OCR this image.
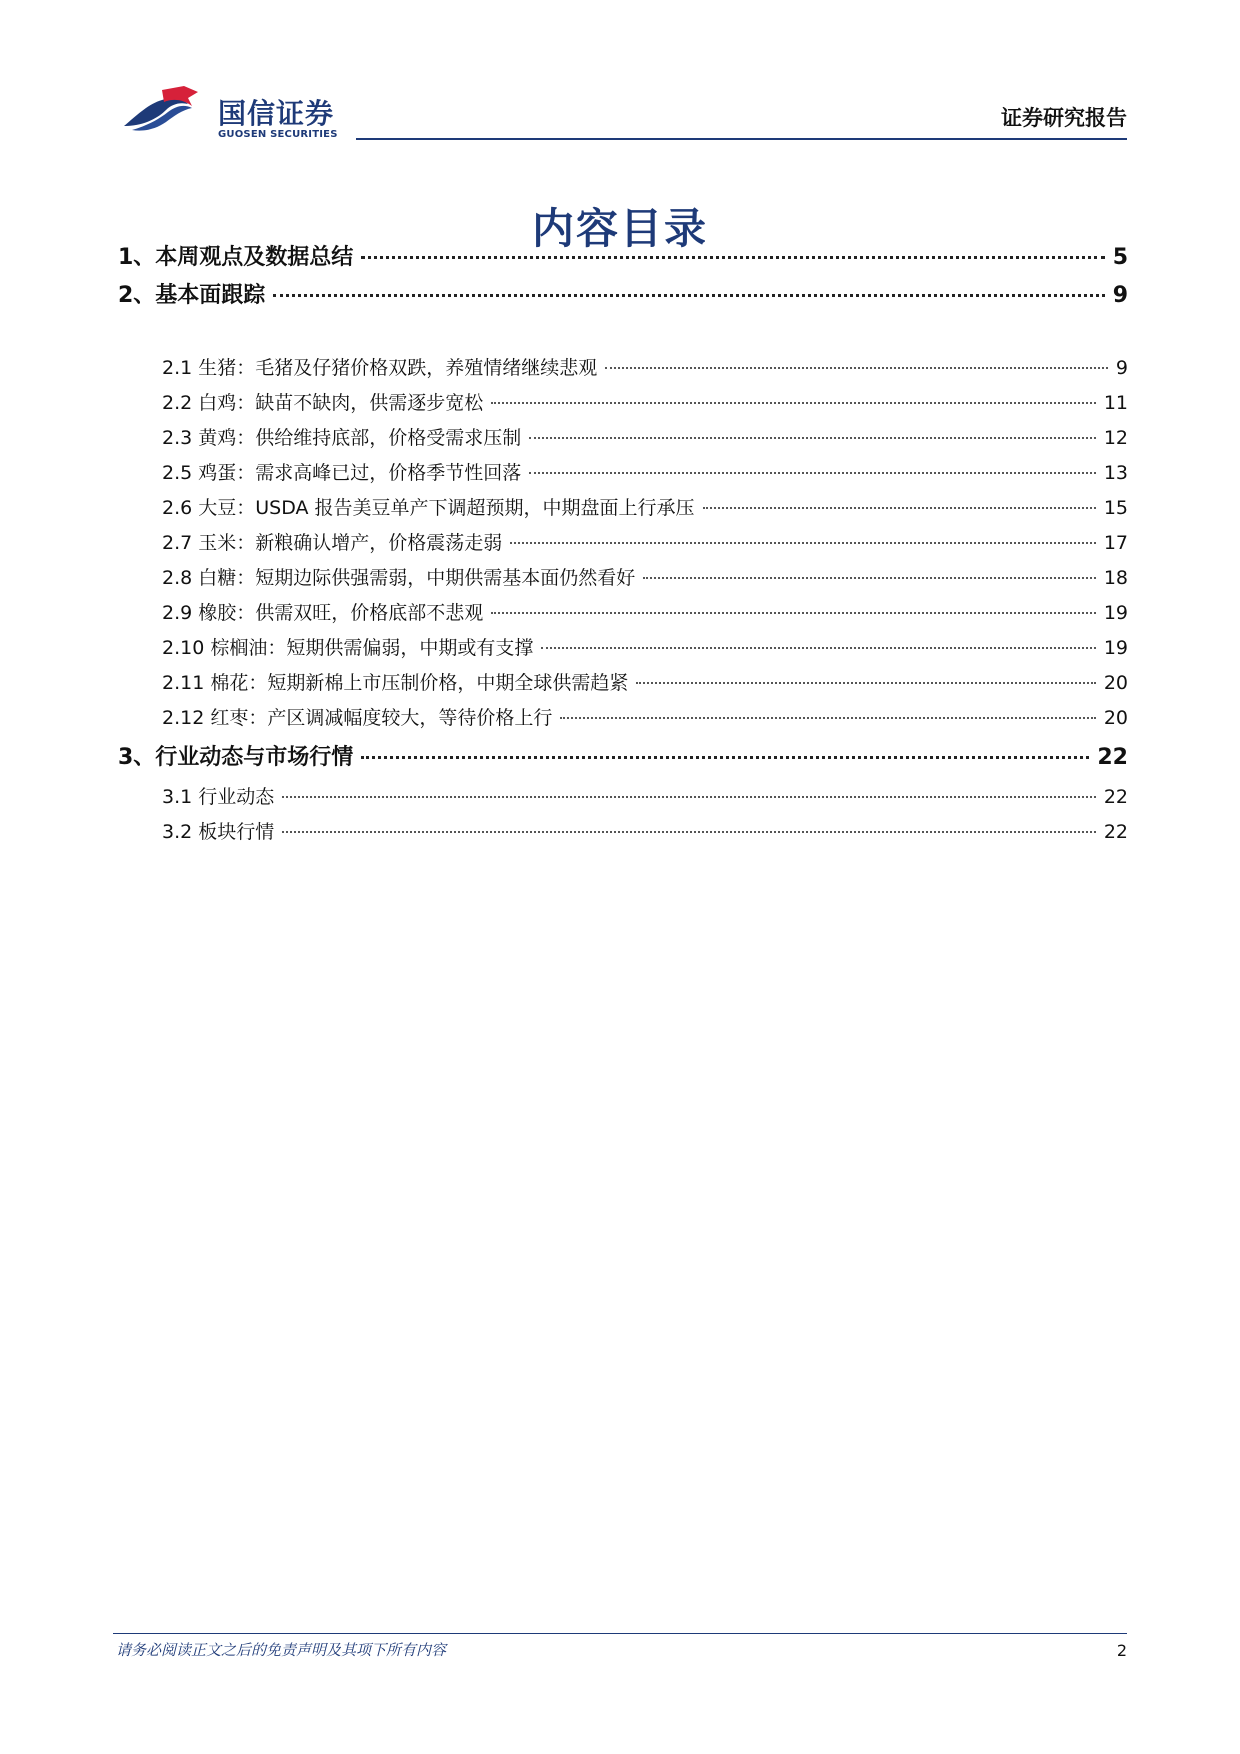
国信证券
GUOSEN SECURITIES
证券研究报告
内容目录
1、本周观点及数据总结	5
2、基本面跟踪	9
2.1 生猪：毛猪及仔猪价格双跌，养殖情绪继续悲观	9
2.2 白鸡：缺苗不缺肉，供需逐步宽松	11
2.3 黄鸡：供给维持底部，价格受需求压制	12
2.5 鸡蛋：需求高峰已过，价格季节性回落	13
2.6 大豆：USDA 报告美豆单产下调超预期，中期盘面上行承压	15
2.7 玉米：新粮确认增产，价格震荡走弱	17
2.8 白糖：短期边际供强需弱，中期供需基本面仍然看好	18
2.9 橡胶：供需双旺，价格底部不悲观	19
2.10 棕榈油：短期供需偏弱，中期或有支撑	19
2.11 棉花：短期新棉上市压制价格，中期全球供需趋紧	20
2.12 红枣：产区调减幅度较大，等待价格上行	20
3、行业动态与市场行情	22
3.1 行业动态	22
3.2 板块行情	22
请务必阅读正文之后的免责声明及其项下所有内容	2
